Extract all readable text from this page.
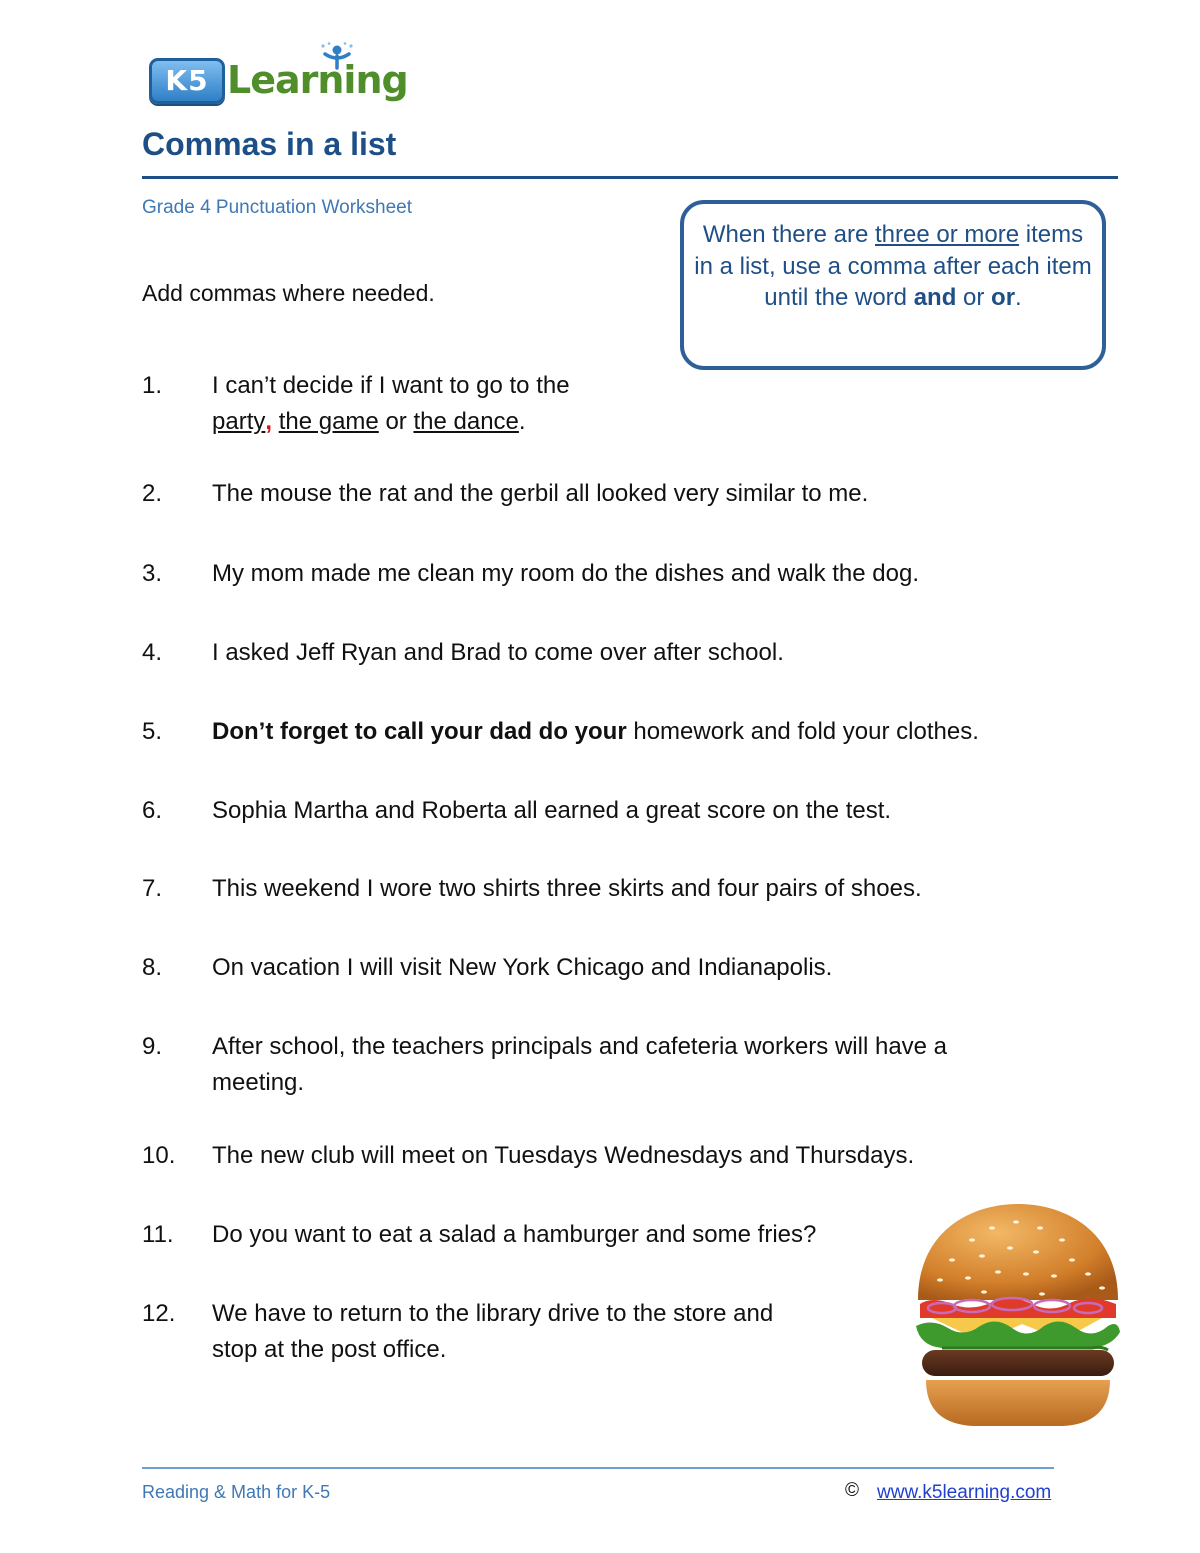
K5 Learning
Commas in a list
Grade 4 Punctuation Worksheet
Add commas where needed.
When there are three or more items in a list, use a comma after each item until the word and or or.
1.	I can’t decide if I want to go to the
party, the game or the dance.
2.	The mouse the rat and the gerbil all looked very similar to me.
3.	My mom made me clean my room do the dishes and walk the dog.
4.	I asked Jeff Ryan and Brad to come over after school.
5.	Don’t forget to call your dad do your homework and fold your clothes.
6.	Sophia Martha and Roberta all earned a great score on the test.
7.	This weekend I wore two shirts three skirts and four pairs of shoes.
8.	On vacation I will visit New York Chicago and Indianapolis.
9.	After school, the teachers principals and cafeteria workers will have a
meeting.
10.	The new club will meet on Tuesdays Wednesdays and Thursdays.
11.	Do you want to eat a salad a hamburger and some fries?
12.	We have to return to the library drive to the store and
stop at the post office.
Reading & Math for K-5	© www.k5learning.com
